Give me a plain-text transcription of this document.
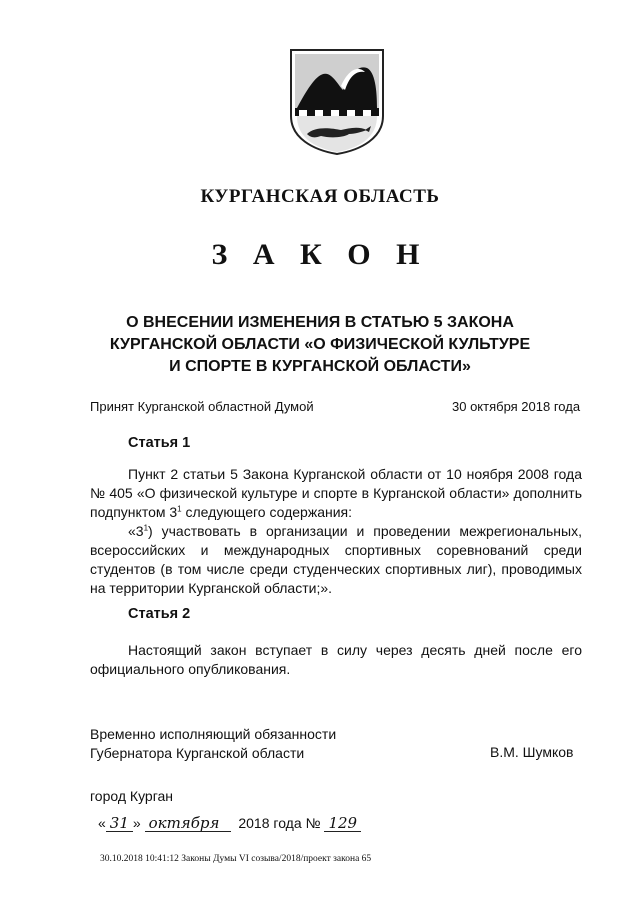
КУРГАНСКАЯ ОБЛАСТЬ
З А К О Н
О ВНЕСЕНИИ ИЗМЕНЕНИЯ В СТАТЬЮ 5 ЗАКОНА
КУРГАНСКОЙ ОБЛАСТИ «О ФИЗИЧЕСКОЙ КУЛЬТУРЕ
И СПОРТЕ В КУРГАНСКОЙ ОБЛАСТИ»
Принят Курганской областной Думой	30 октября 2018 года
Статья 1
Пункт 2 статьи 5 Закона Курганской области от 10 ноября 2008 года № 405 «О физической культуре и спорте в Курганской области» дополнить подпунктом $3^1$ следующего содержания:
«$3^1$) участвовать в организации и проведении межрегиональных, всероссийских и международных спортивных соревнований среди студентов (в том числе среди студенческих спортивных лиг), проводимых на территории Курганской области;».
Статья 2
Настоящий закон вступает в силу через десять дней после его официального опубликования.
Временно исполняющий обязанности
Губернатора Курганской области	В.М. Шумков
город Курган
« 31 » октября 2018 года № 129
30.10.2018 10:41:12 Законы Думы VI созыва/2018/проект закона 65
